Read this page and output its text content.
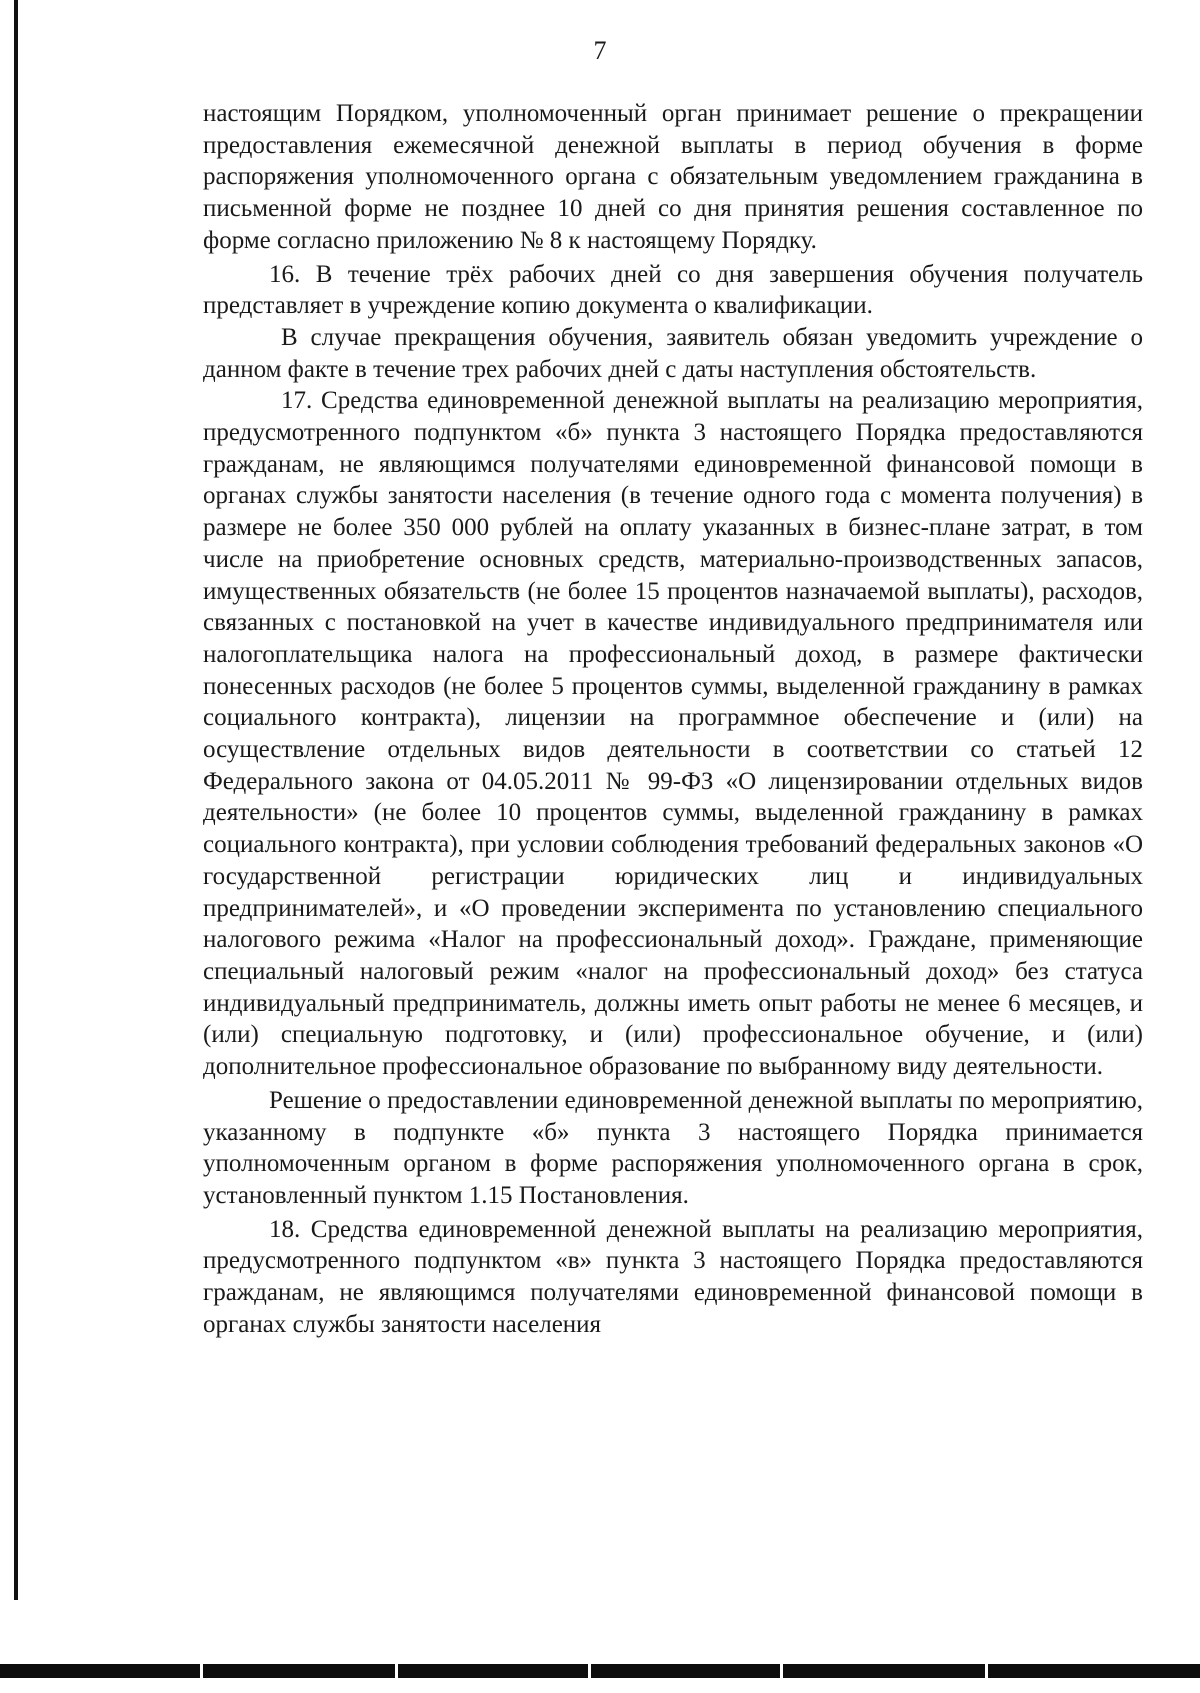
7

настоящим Порядком, уполномоченный орган принимает решение о прекращении предоставления ежемесячной денежной выплаты в период обучения в форме распоряжения уполномоченного органа с обязательным уведомлением гражданина в письменной форме не позднее 10 дней со дня принятия решения составленное по форме согласно приложению № 8 к настоящему Порядку.

16. В течение трёх рабочих дней со дня завершения обучения получатель представляет в учреждение копию документа о квалификации.

В случае прекращения обучения, заявитель обязан уведомить учреждение о данном факте в течение трех рабочих дней с даты наступления обстоятельств.

17. Средства единовременной денежной выплаты на реализацию мероприятия, предусмотренного подпунктом «б» пункта 3 настоящего Порядка предоставляются гражданам, не являющимся получателями единовременной финансовой помощи в органах службы занятости населения (в течение одного года с момента получения) в размере не более 350 000 рублей на оплату указанных в бизнес-плане затрат, в том числе на приобретение основных средств, материально-производственных запасов, имущественных обязательств (не более 15 процентов назначаемой выплаты), расходов, связанных с постановкой на учет в качестве индивидуального предпринимателя или налогоплательщика налога на профессиональный доход, в размере фактически понесенных расходов (не более 5 процентов суммы, выделенной гражданину в рамках социального контракта), лицензии на программное обеспечение и (или) на осуществление отдельных видов деятельности в соответствии со статьей 12 Федерального закона от 04.05.2011 № 99-ФЗ «О лицензировании отдельных видов деятельности» (не более 10 процентов суммы, выделенной гражданину в рамках социального контракта), при условии соблюдения требований федеральных законов «О государственной регистрации юридических лиц и индивидуальных предпринимателей», и «О проведении эксперимента по установлению специального налогового режима «Налог на профессиональный доход». Граждане, применяющие специальный налоговый режим «налог на профессиональный доход» без статуса индивидуальный предприниматель, должны иметь опыт работы не менее 6 месяцев, и (или) специальную подготовку, и (или) профессиональное обучение, и (или) дополнительное профессиональное образование по выбранному виду деятельности.

Решение о предоставлении единовременной денежной выплаты по мероприятию, указанному в подпункте «б» пункта 3 настоящего Порядка принимается уполномоченным органом в форме распоряжения уполномоченного органа в срок, установленный пунктом 1.15 Постановления.

18. Средства единовременной денежной выплаты на реализацию мероприятия, предусмотренного подпунктом «в» пункта 3 настоящего Порядка предоставляются гражданам, не являющимся получателями единовременной финансовой помощи в органах службы занятости населения
